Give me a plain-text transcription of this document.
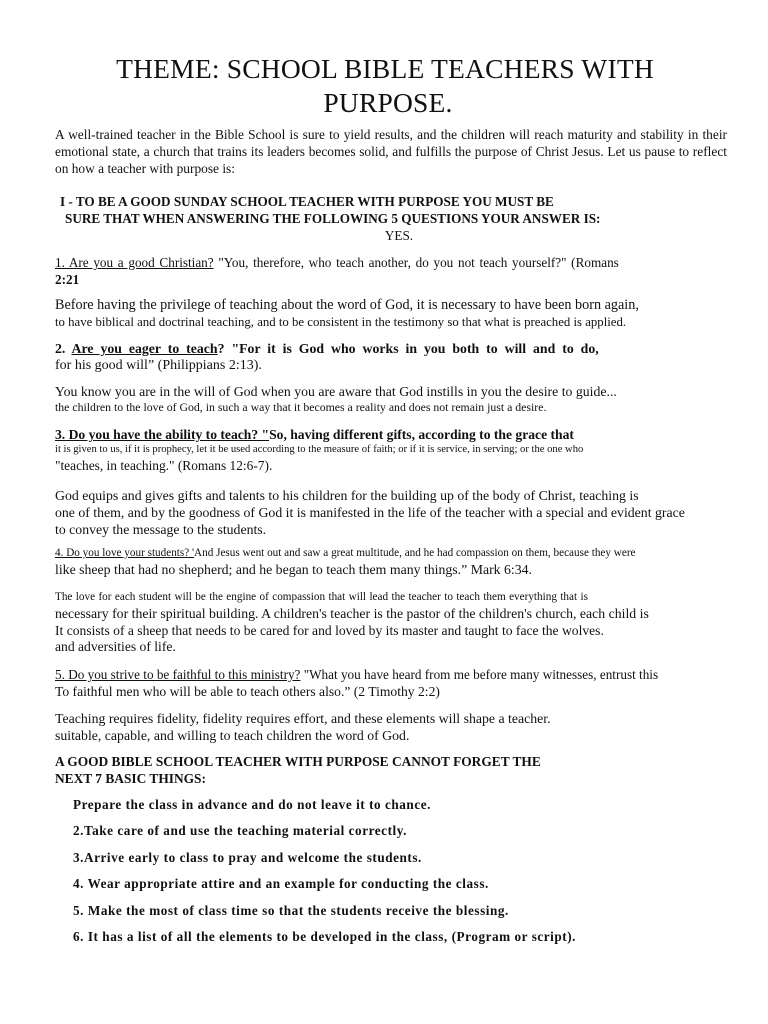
THEME: SCHOOL BIBLE TEACHERS WITH
PURPOSE.

A well-trained teacher in the Bible School is sure to yield results, and the children will reach maturity and stability in their emotional state, a church that trains its leaders becomes solid, and fulfills the purpose of Christ Jesus. Let us pause to reflect on how a teacher with purpose is:

I - TO BE A GOOD SUNDAY SCHOOL TEACHER WITH PURPOSE YOU MUST BE
SURE THAT WHEN ANSWERING THE FOLLOWING 5 QUESTIONS YOUR ANSWER IS:
YES.
1. Are you a good Christian? "You, therefore, who teach another, do you not teach yourself?" (Romans
2:21
Before having the privilege of teaching about the word of God, it is necessary to have been born again,
to have biblical and doctrinal teaching, and to be consistent in the testimony so that what is preached is applied.
2. Are you eager to teach? "For it is God who works in you both to will and to do,
for his good will” (Philippians 2:13).
You know you are in the will of God when you are aware that God instills in you the desire to guide...
the children to the love of God, in such a way that it becomes a reality and does not remain just a desire.
3. Do you have the ability to teach? "So, having different gifts, according to the grace that
it is given to us, if it is prophecy, let it be used according to the measure of faith; or if it is service, in serving; or the one who
"teaches, in teaching." (Romans 12:6-7).
God equips and gives gifts and talents to his children for the building up of the body of Christ, teaching is
one of them, and by the goodness of God it is manifested in the life of the teacher with a special and evident grace
to convey the message to the students.
4. Do you love your students? 'And Jesus went out and saw a great multitude, and he had compassion on them, because they were
like sheep that had no shepherd; and he began to teach them many things.” Mark 6:34.
The love for each student will be the engine of compassion that will lead the teacher to teach them everything that is
necessary for their spiritual building. A children's teacher is the pastor of the children's church, each child is
It consists of a sheep that needs to be cared for and loved by its master and taught to face the wolves.
and adversities of life.
5. Do you strive to be faithful to this ministry? "What you have heard from me before many witnesses, entrust this
To faithful men who will be able to teach others also.” (2 Timothy 2:2)
Teaching requires fidelity, fidelity requires effort, and these elements will shape a teacher.
suitable, capable, and willing to teach children the word of God.
A GOOD BIBLE SCHOOL TEACHER WITH PURPOSE CANNOT FORGET THE
NEXT 7 BASIC THINGS:
Prepare the class in advance and do not leave it to chance.
2.Take care of and use the teaching material correctly.
3.Arrive early to class to pray and welcome the students.
4. Wear appropriate attire and an example for conducting the class.
5. Make the most of class time so that the students receive the blessing.
6. It has a list of all the elements to be developed in the class, (Program or script).
